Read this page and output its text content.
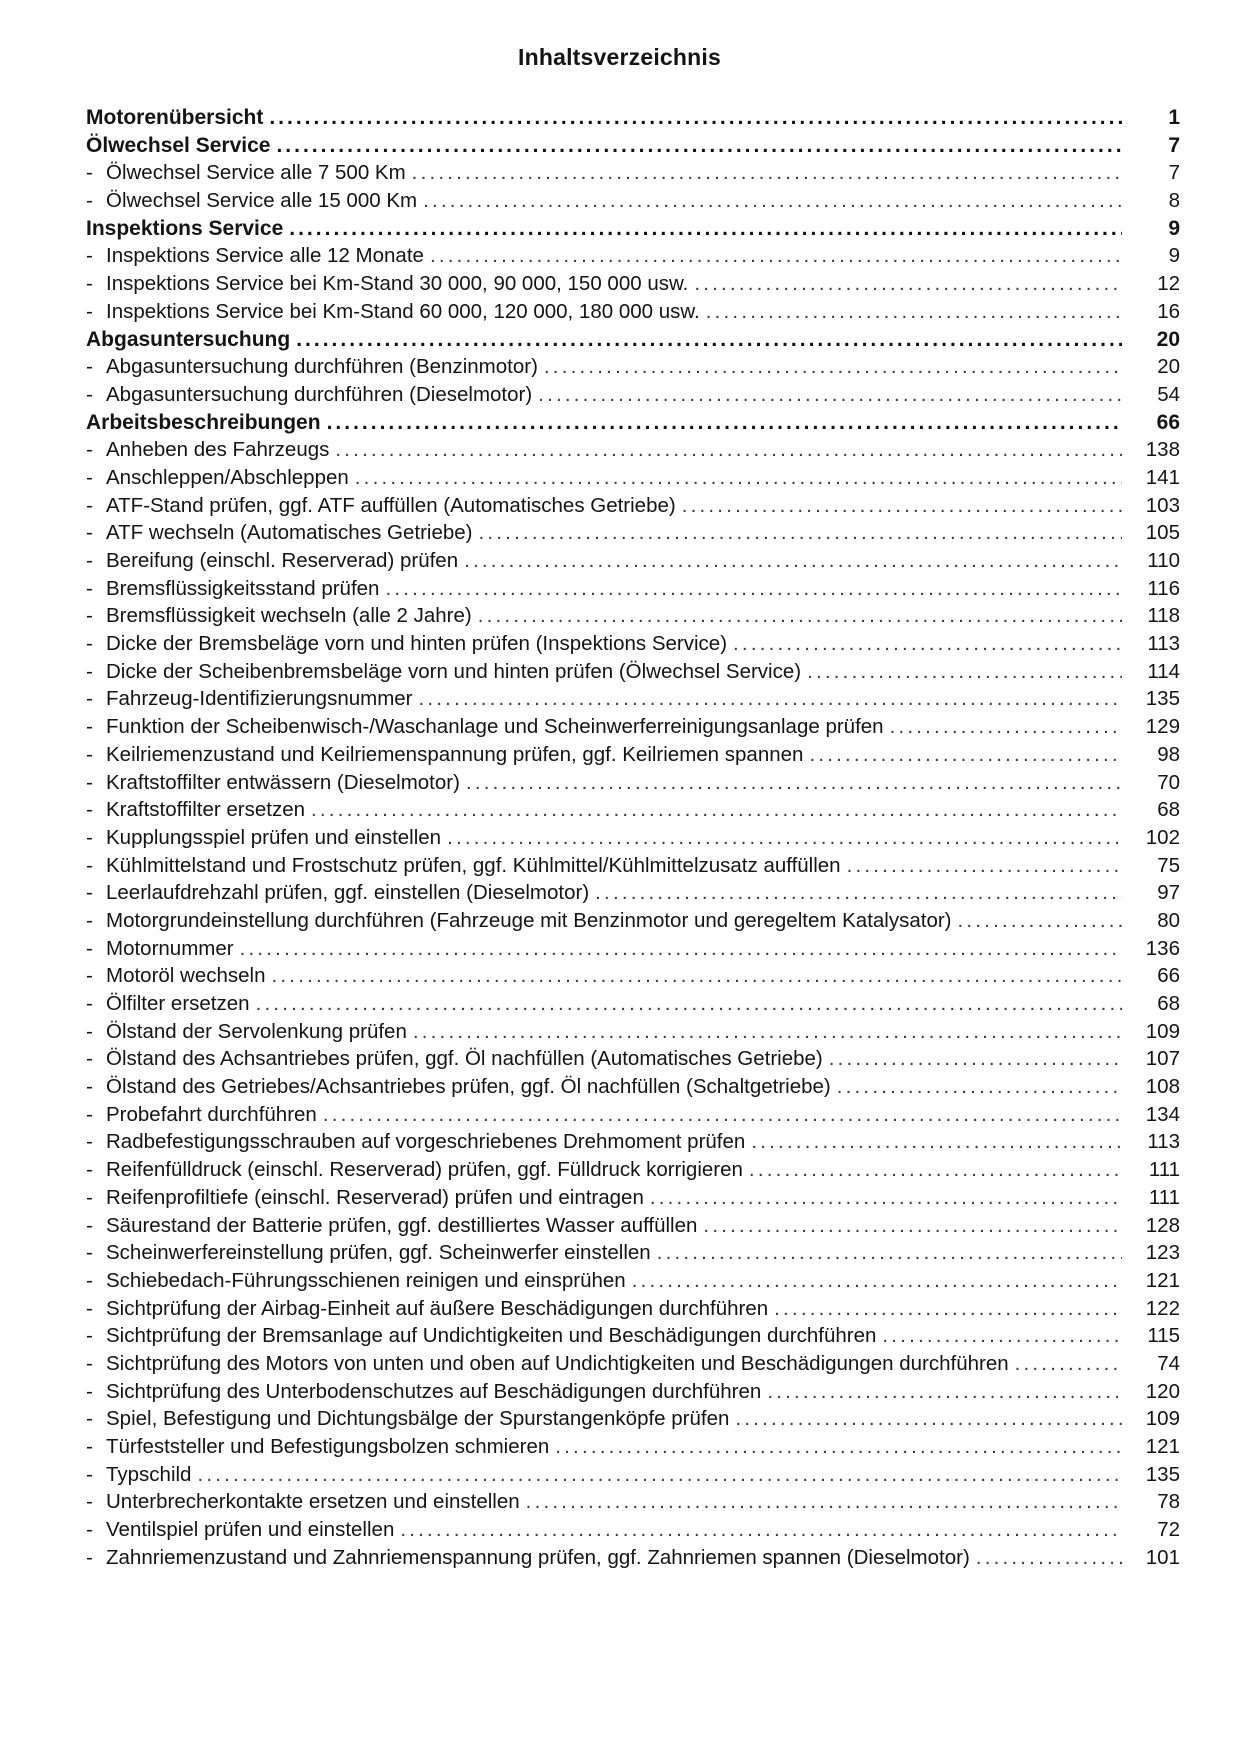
Inhaltsverzeichnis
Motorenübersicht .....	1
Ölwechsel Service .....	7
- Ölwechsel Service alle 7 500 Km .....	7
- Ölwechsel Service alle 15 000 Km .....	8
Inspektions Service .....	9
- Inspektions Service alle 12 Monate .....	9
- Inspektions Service bei Km-Stand 30 000, 90 000, 150 000 usw. .....	12
- Inspektions Service bei Km-Stand 60 000, 120 000, 180 000 usw. .....	16
Abgasuntersuchung .....	20
- Abgasuntersuchung durchführen (Benzinmotor) .....	20
- Abgasuntersuchung durchführen (Dieselmotor) .....	54
Arbeitsbeschreibungen .....	66
- Anheben des Fahrzeugs .....	138
- Anschleppen/Abschleppen .....	141
- ATF-Stand prüfen, ggf. ATF auffüllen (Automatisches Getriebe) .....	103
- ATF wechseln (Automatisches Getriebe) .....	105
- Bereifung (einschl. Reserverad) prüfen .....	110
- Bremsflüssigkeitsstand prüfen .....	116
- Bremsflüssigkeit wechseln (alle 2 Jahre) .....	118
- Dicke der Bremsbeläge vorn und hinten prüfen (Inspektions Service) .....	113
- Dicke der Scheibenbremsbeläge vorn und hinten prüfen (Ölwechsel Service) .....	114
- Fahrzeug-Identifizierungsnummer .....	135
- Funktion der Scheibenwisch-/Waschanlage und Scheinwerferreinigungsanlage prüfen .....	129
- Keilriemenzustand und Keilriemenspannung prüfen, ggf. Keilriemen spannen .....	98
- Kraftstoffilter entwässern (Dieselmotor) .....	70
- Kraftstoffilter ersetzen .....	68
- Kupplungsspiel prüfen und einstellen .....	102
- Kühlmittelstand und Frostschutz prüfen, ggf. Kühlmittel/Kühlmittelzusatz auffüllen .....	75
- Leerlaufdrehzahl prüfen, ggf. einstellen (Dieselmotor) .....	97
- Motorgrundeinstellung durchführen (Fahrzeuge mit Benzinmotor und geregeltem Katalysator) .....	80
- Motornummer .....	136
- Motoröl wechseln .....	66
- Ölfilter ersetzen .....	68
- Ölstand der Servolenkung prüfen .....	109
- Ölstand des Achsantriebes prüfen, ggf. Öl nachfüllen (Automatisches Getriebe) .....	107
- Ölstand des Getriebes/Achsantriebes prüfen, ggf. Öl nachfüllen (Schaltgetriebe) .....	108
- Probefahrt durchführen .....	134
- Radbefestigungsschrauben auf vorgeschriebenes Drehmoment prüfen .....	113
- Reifenfülldruck (einschl. Reserverad) prüfen, ggf. Fülldruck korrigieren .....	111
- Reifenprofiltiefe (einschl. Reserverad) prüfen und eintragen .....	111
- Säurestand der Batterie prüfen, ggf. destilliertes Wasser auffüllen .....	128
- Scheinwerfereinstellung prüfen, ggf. Scheinwerfer einstellen .....	123
- Schiebedach-Führungsschienen reinigen und einsprühen .....	121
- Sichtprüfung der Airbag-Einheit auf äußere Beschädigungen durchführen .....	122
- Sichtprüfung der Bremsanlage auf Undichtigkeiten und Beschädigungen durchführen .....	115
- Sichtprüfung des Motors von unten und oben auf Undichtigkeiten und Beschädigungen durchführen .....	74
- Sichtprüfung des Unterbodenschutzes auf Beschädigungen durchführen .....	120
- Spiel, Befestigung und Dichtungsbälge der Spurstangenköpfe prüfen .....	109
- Türfeststeller und Befestigungsbolzen schmieren .....	121
- Typschild .....	135
- Unterbrecherkontakte ersetzen und einstellen .....	78
- Ventilspiel prüfen und einstellen .....	72
- Zahnriemenzustand und Zahnriemenspannung prüfen, ggf. Zahnriemen spannen (Dieselmotor) .....	101
